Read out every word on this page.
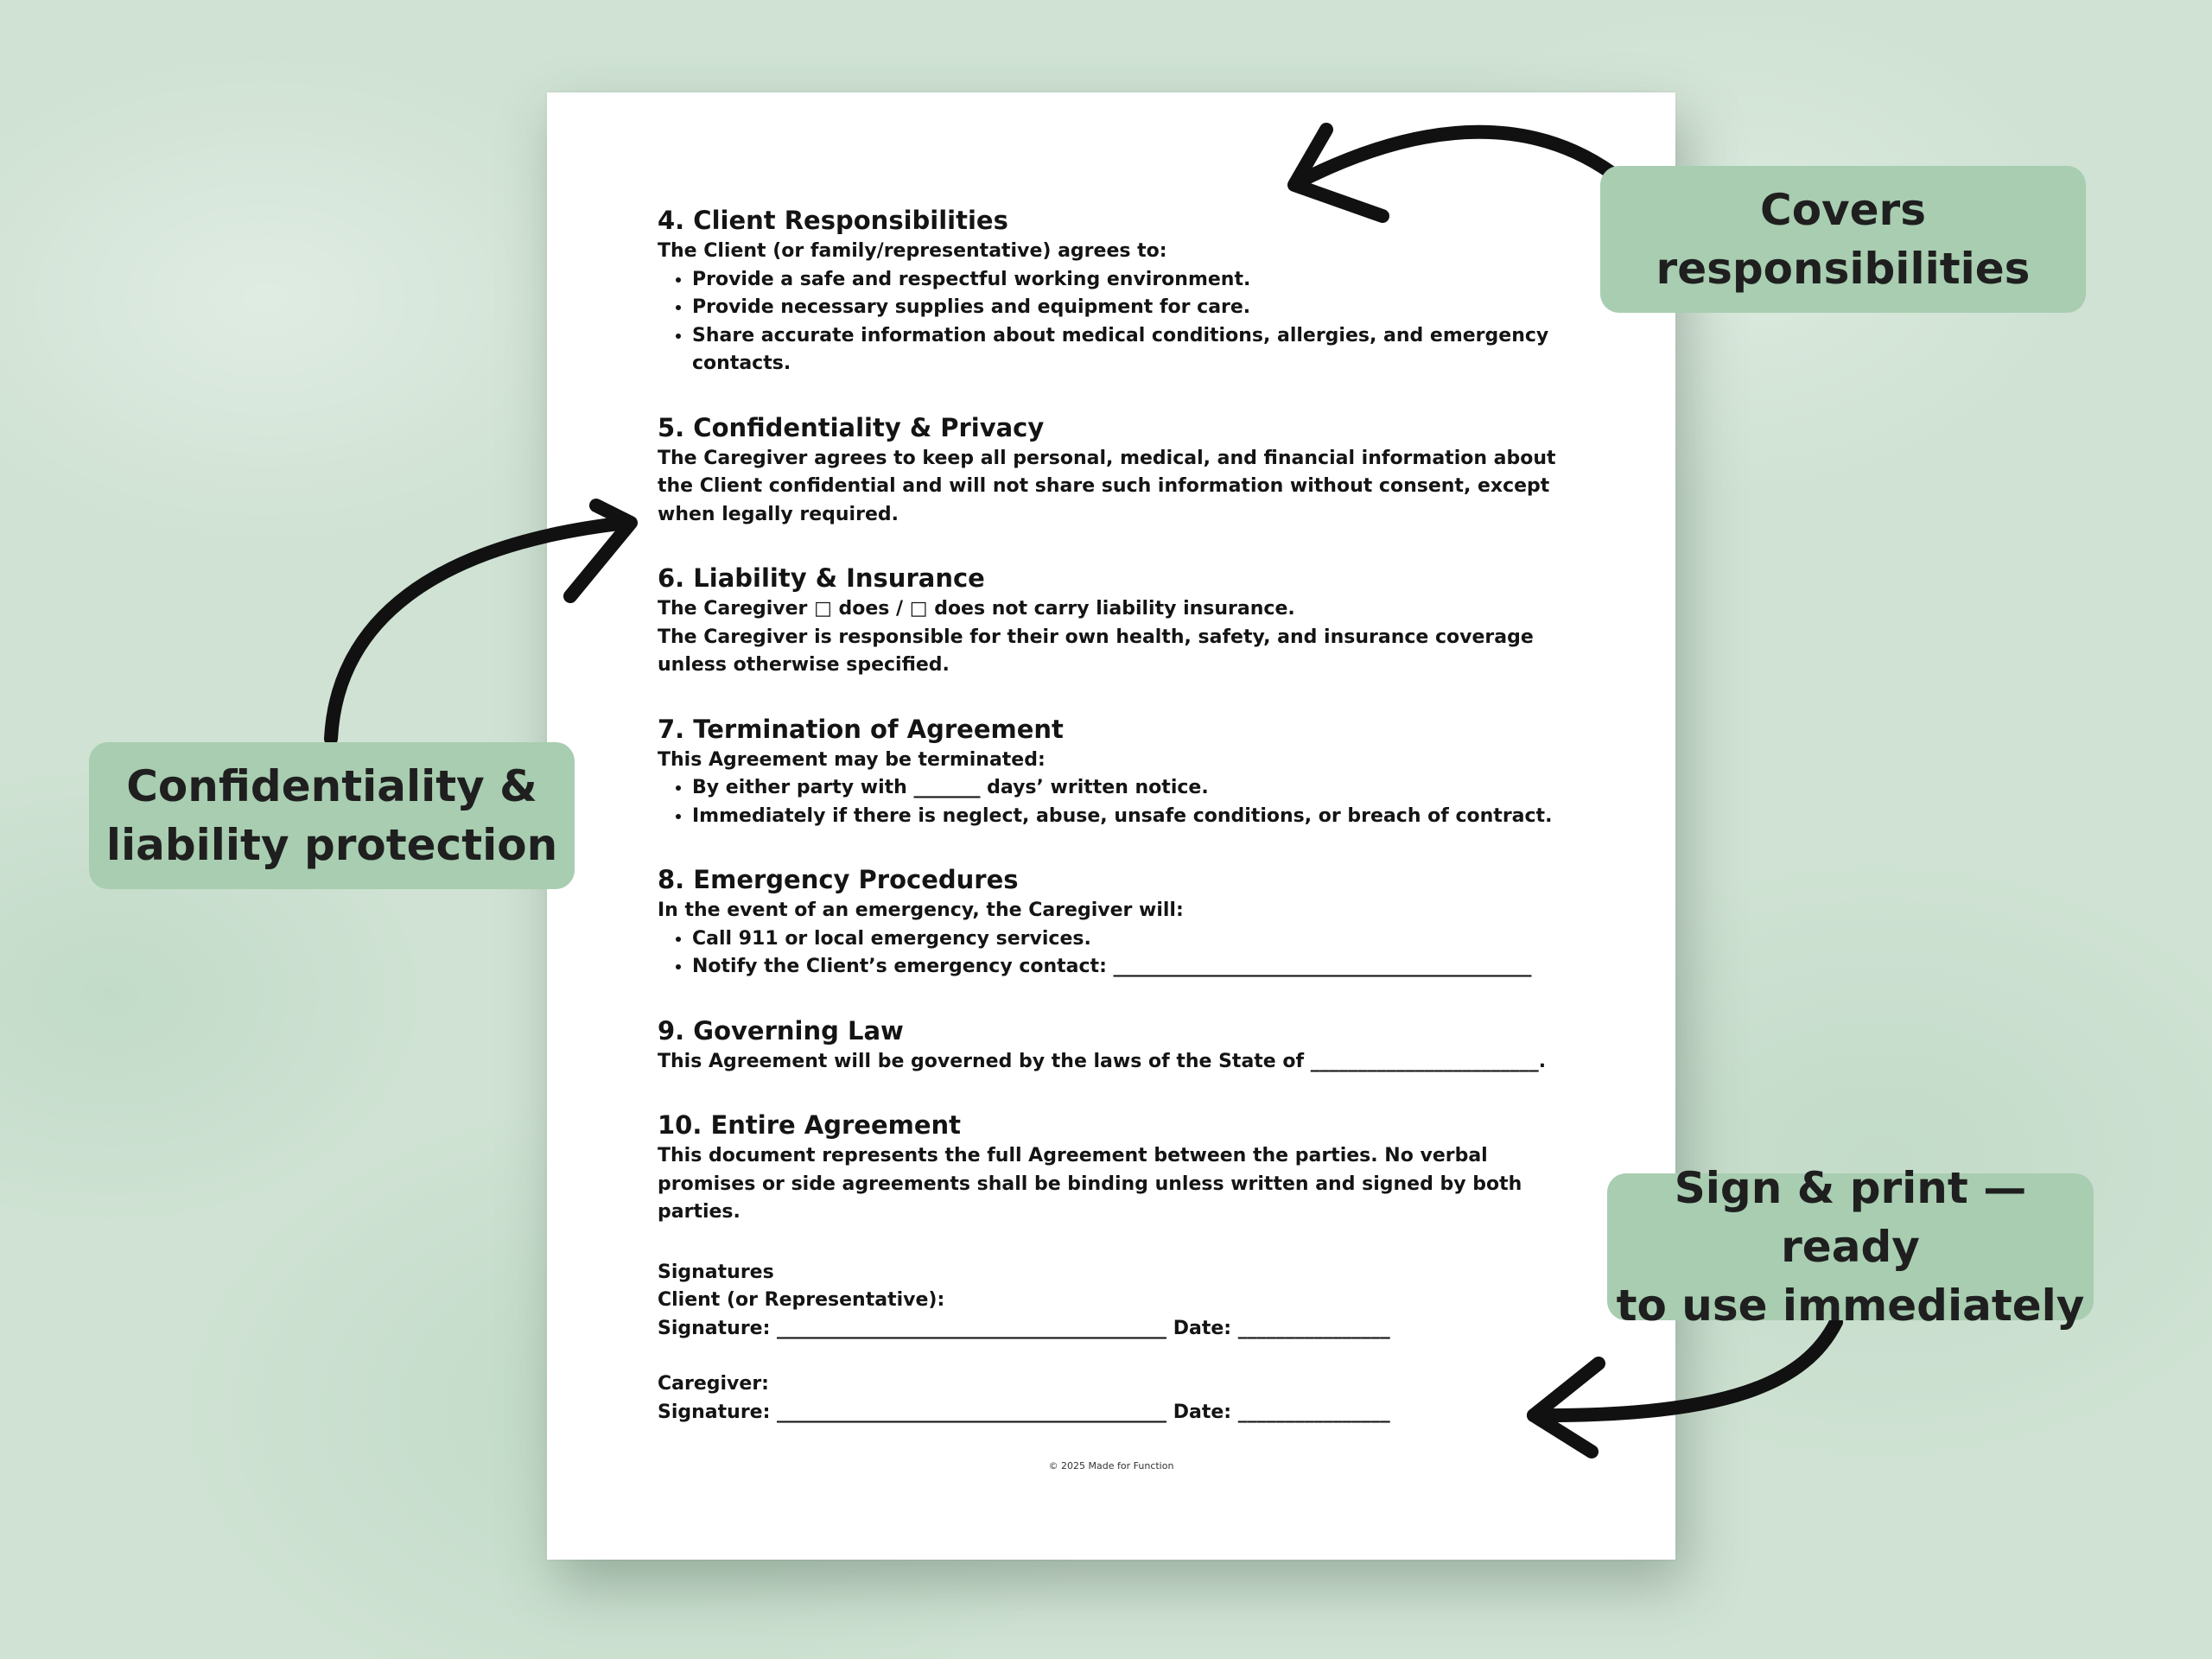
4. Client Responsibilities

The Client (or family/representative) agrees to:

• Provide a safe and respectful working environment.
• Provide necessary supplies and equipment for care.
• Share accurate information about medical conditions, allergies, and emergency contacts.

5. Confidentiality & Privacy

The Caregiver agrees to keep all personal, medical, and financial information about the Client confidential and will not share such information without consent, except when legally required.

6. Liability & Insurance

The Caregiver □ does / □ does not carry liability insurance.

The Caregiver is responsible for their own health, safety, and insurance coverage unless otherwise specified.

7. Termination of Agreement

This Agreement may be terminated:

• By either party with _______ days’ written notice.
• Immediately if there is neglect, abuse, unsafe conditions, or breach of contract.

8. Emergency Procedures

In the event of an emergency, the Caregiver will:

• Call 911 or local emergency services.
• Notify the Client’s emergency contact: ____________________________________________

9. Governing Law

This Agreement will be governed by the laws of the State of ________________________.

10. Entire Agreement

This document represents the full Agreement between the parties. No verbal promises or side agreements shall be binding unless written and signed by both parties.

Signatures

Client (or Representative):

Signature: _________________________________________ Date: ________________

Caregiver:

Signature: _________________________________________ Date: ________________

© 2025 Made for Function
Covers
responsibilities
Confidentiality &
liability protection
Sign & print — ready
to use immediately
